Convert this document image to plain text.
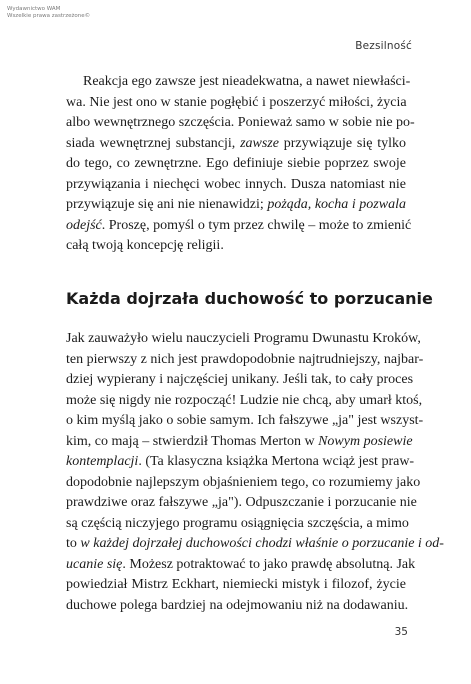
Wydawnictwo WAM
Wszelkie prawa zastrzeżone©
Bezsilność
Reakcja ego zawsze jest nieadekwatna, a nawet niewłaści-
wa. Nie jest ono w stanie pogłębić i poszerzyć miłości, życia
albo wewnętrznego szczęścia. Ponieważ samo w sobie nie po-
siada wewnętrznej substancji, zawsze przywiązuje się tylko
do tego, co zewnętrzne. Ego definiuje siebie poprzez swoje
przywiązania i niechęci wobec innych. Dusza natomiast nie
przywiązuje się ani nie nienawidzi; pożąda, kocha i pozwala
odejść. Proszę, pomyśl o tym przez chwilę – może to zmienić
całą twoją koncepcję religii.
Każda dojrzała duchowość to porzucanie
Jak zauważyło wielu nauczycieli Programu Dwunastu Kroków,
ten pierwszy z nich jest prawdopodobnie najtrudniejszy, najbar-
dziej wypierany i najczęściej unikany. Jeśli tak, to cały proces
może się nigdy nie rozpocząć! Ludzie nie chcą, aby umarł ktoś,
o kim myślą jako o sobie samym. Ich fałszywe „ja" jest wszyst-
kim, co mają – stwierdził Thomas Merton w Nowym posiewie
kontemplacji. (Ta klasyczna książka Mertona wciąż jest praw-
dopodobnie najlepszym objaśnieniem tego, co rozumiemy jako
prawdziwe oraz fałszywe „ja"). Odpuszczanie i porzucanie nie
są częścią niczyjego programu osiągnięcia szczęścia, a mimo
to w każdej dojrzałej duchowości chodzi właśnie o porzucanie i od-
ucanie się. Możesz potraktować to jako prawdę absolutną. Jak
powiedział Mistrz Eckhart, niemiecki mistyk i filozof, życie
duchowe polega bardziej na odejmowaniu niż na dodawaniu.
35
